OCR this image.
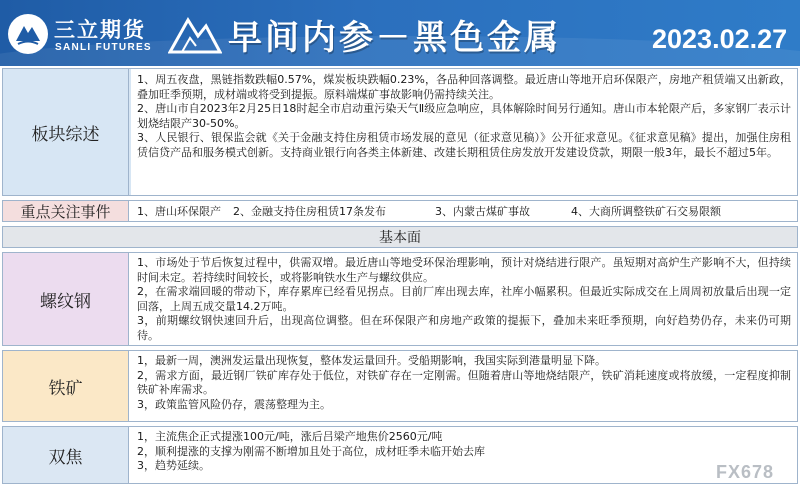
三立期货
SANLI FUTURES 早间内参－黑色金属	2023.02.27
板块综述

1、周五夜盘，黑链指数跌幅0.57%，煤炭板块跌幅0.23%，各品种回落调整。最近唐山等地开启环保限产，房地产租赁端又出新政，叠加旺季预期，成材端或将受到提振。原料端煤矿事故影响仍需持续关注。

2、唐山市自2023年2月25日18时起全市启动重污染天气Ⅱ级应急响应，具体解除时间另行通知。唐山市本轮限产后，多家钢厂表示计划烧结限产30-50%。

3、人民银行、银保监会就《关于金融支持住房租赁市场发展的意见（征求意见稿）》公开征求意见。《征求意见稿》提出，加强住房租赁信贷产品和服务模式创新。支持商业银行向各类主体新建、改建长期租赁住房发放开发建设贷款，期限一般3年，最长不超过5年。

重点关注事件	1、唐山环保限产	2、金融支持住房租赁17条发布	3、内蒙古煤矿事故	4、大商所调整铁矿石交易限额
基本面
螺纹钢

1、市场处于节后恢复过程中，供需双增。最近唐山等地受环保治理影响，预计对烧结进行限产。虽短期对高炉生产影响不大，但持续时间未定。若持续时间较长，或将影响铁水生产与螺纹供应。

2，在需求端回暖的带动下，库存累库已经看见拐点。目前厂库出现去库，社库小幅累积。但最近实际成交在上周周初放量后出现一定回落，上周五成交量14.2万吨。

3，前期螺纹钢快速回升后，出现高位调整。但在环保限产和房地产政策的提振下，叠加未来旺季预期，向好趋势仍存，未来仍可期待。

铁矿

1，最新一周，澳洲发运量出现恢复，整体发运量回升。受船期影响，我国实际到港量明显下降。

2，需求方面，最近钢厂铁矿库存处于低位，对铁矿存在一定刚需。但随着唐山等地烧结限产，铁矿消耗速度或将放缓，一定程度抑制铁矿补库需求。

3，政策监管风险仍存，震荡整理为主。

双焦

1，主流焦企正式提涨100元/吨，涨后吕梁产地焦价2560元/吨

2，顺利提涨的支撑为刚需不断增加且处于高位，成材旺季未临开始去库

3，趋势延续。	FX678
